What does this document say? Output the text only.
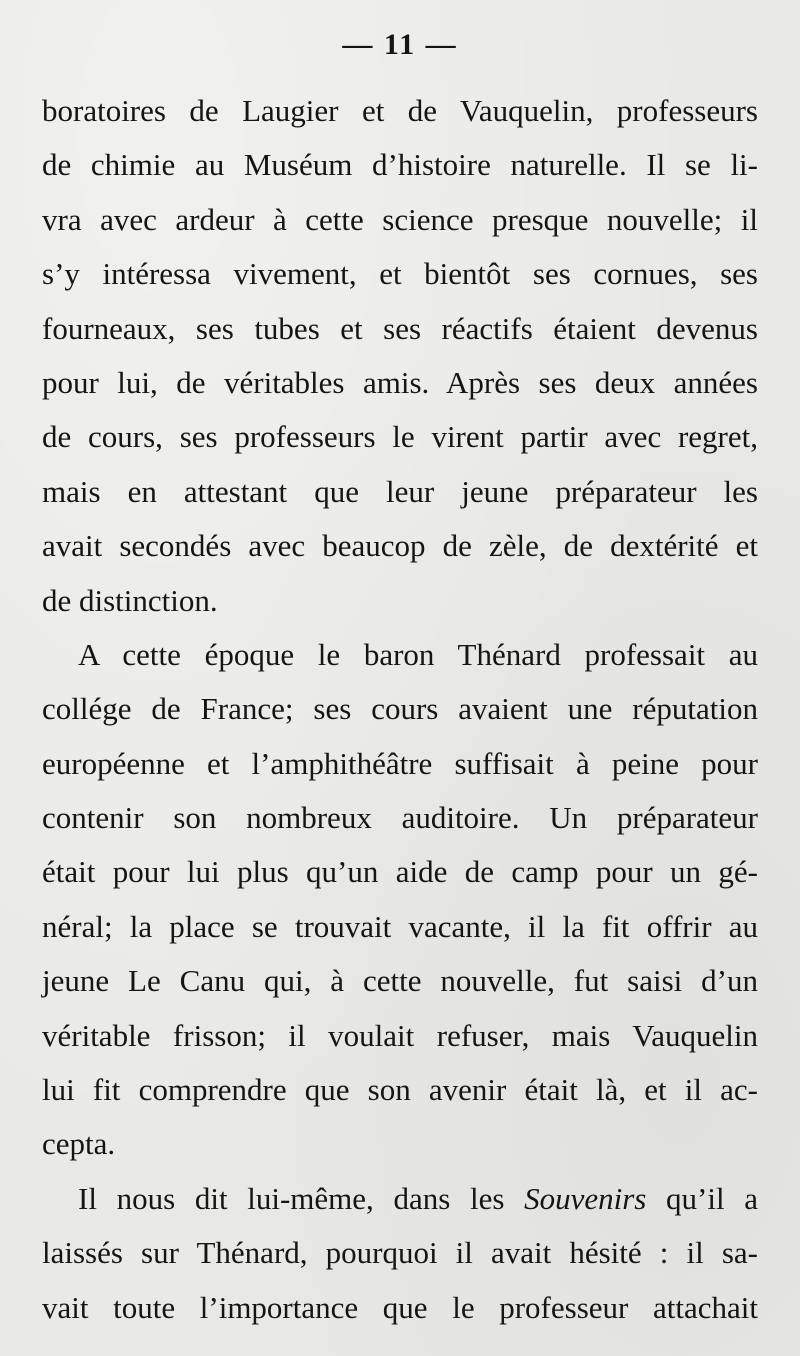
— 11 —
boratoires de Laugier et de Vauquelin, professeurs
de chimie au Muséum d’histoire naturelle. Il se li-
vra avec ardeur à cette science presque nouvelle; il
s’y intéressa vivement, et bientôt ses cornues, ses
fourneaux, ses tubes et ses réactifs étaient devenus
pour lui, de véritables amis. Après ses deux années
de cours, ses professeurs le virent partir avec regret,
mais en attestant que leur jeune préparateur les
avait secondés avec beaucop de zèle, de dextérité et
de distinction.
A cette époque le baron Thénard professait au
collége de France; ses cours avaient une réputation
européenne et l’amphithéâtre suffisait à peine pour
contenir son nombreux auditoire. Un préparateur
était pour lui plus qu’un aide de camp pour un gé-
néral; la place se trouvait vacante, il la fit offrir au
jeune Le Canu qui, à cette nouvelle, fut saisi d’un
véritable frisson; il voulait refuser, mais Vauquelin
lui fit comprendre que son avenir était là, et il ac-
cepta.
Il nous dit lui-même, dans les Souvenirs qu’il a
laissés sur Thénard, pourquoi il avait hésité : il sa-
vait toute l’importance que le professeur attachait
